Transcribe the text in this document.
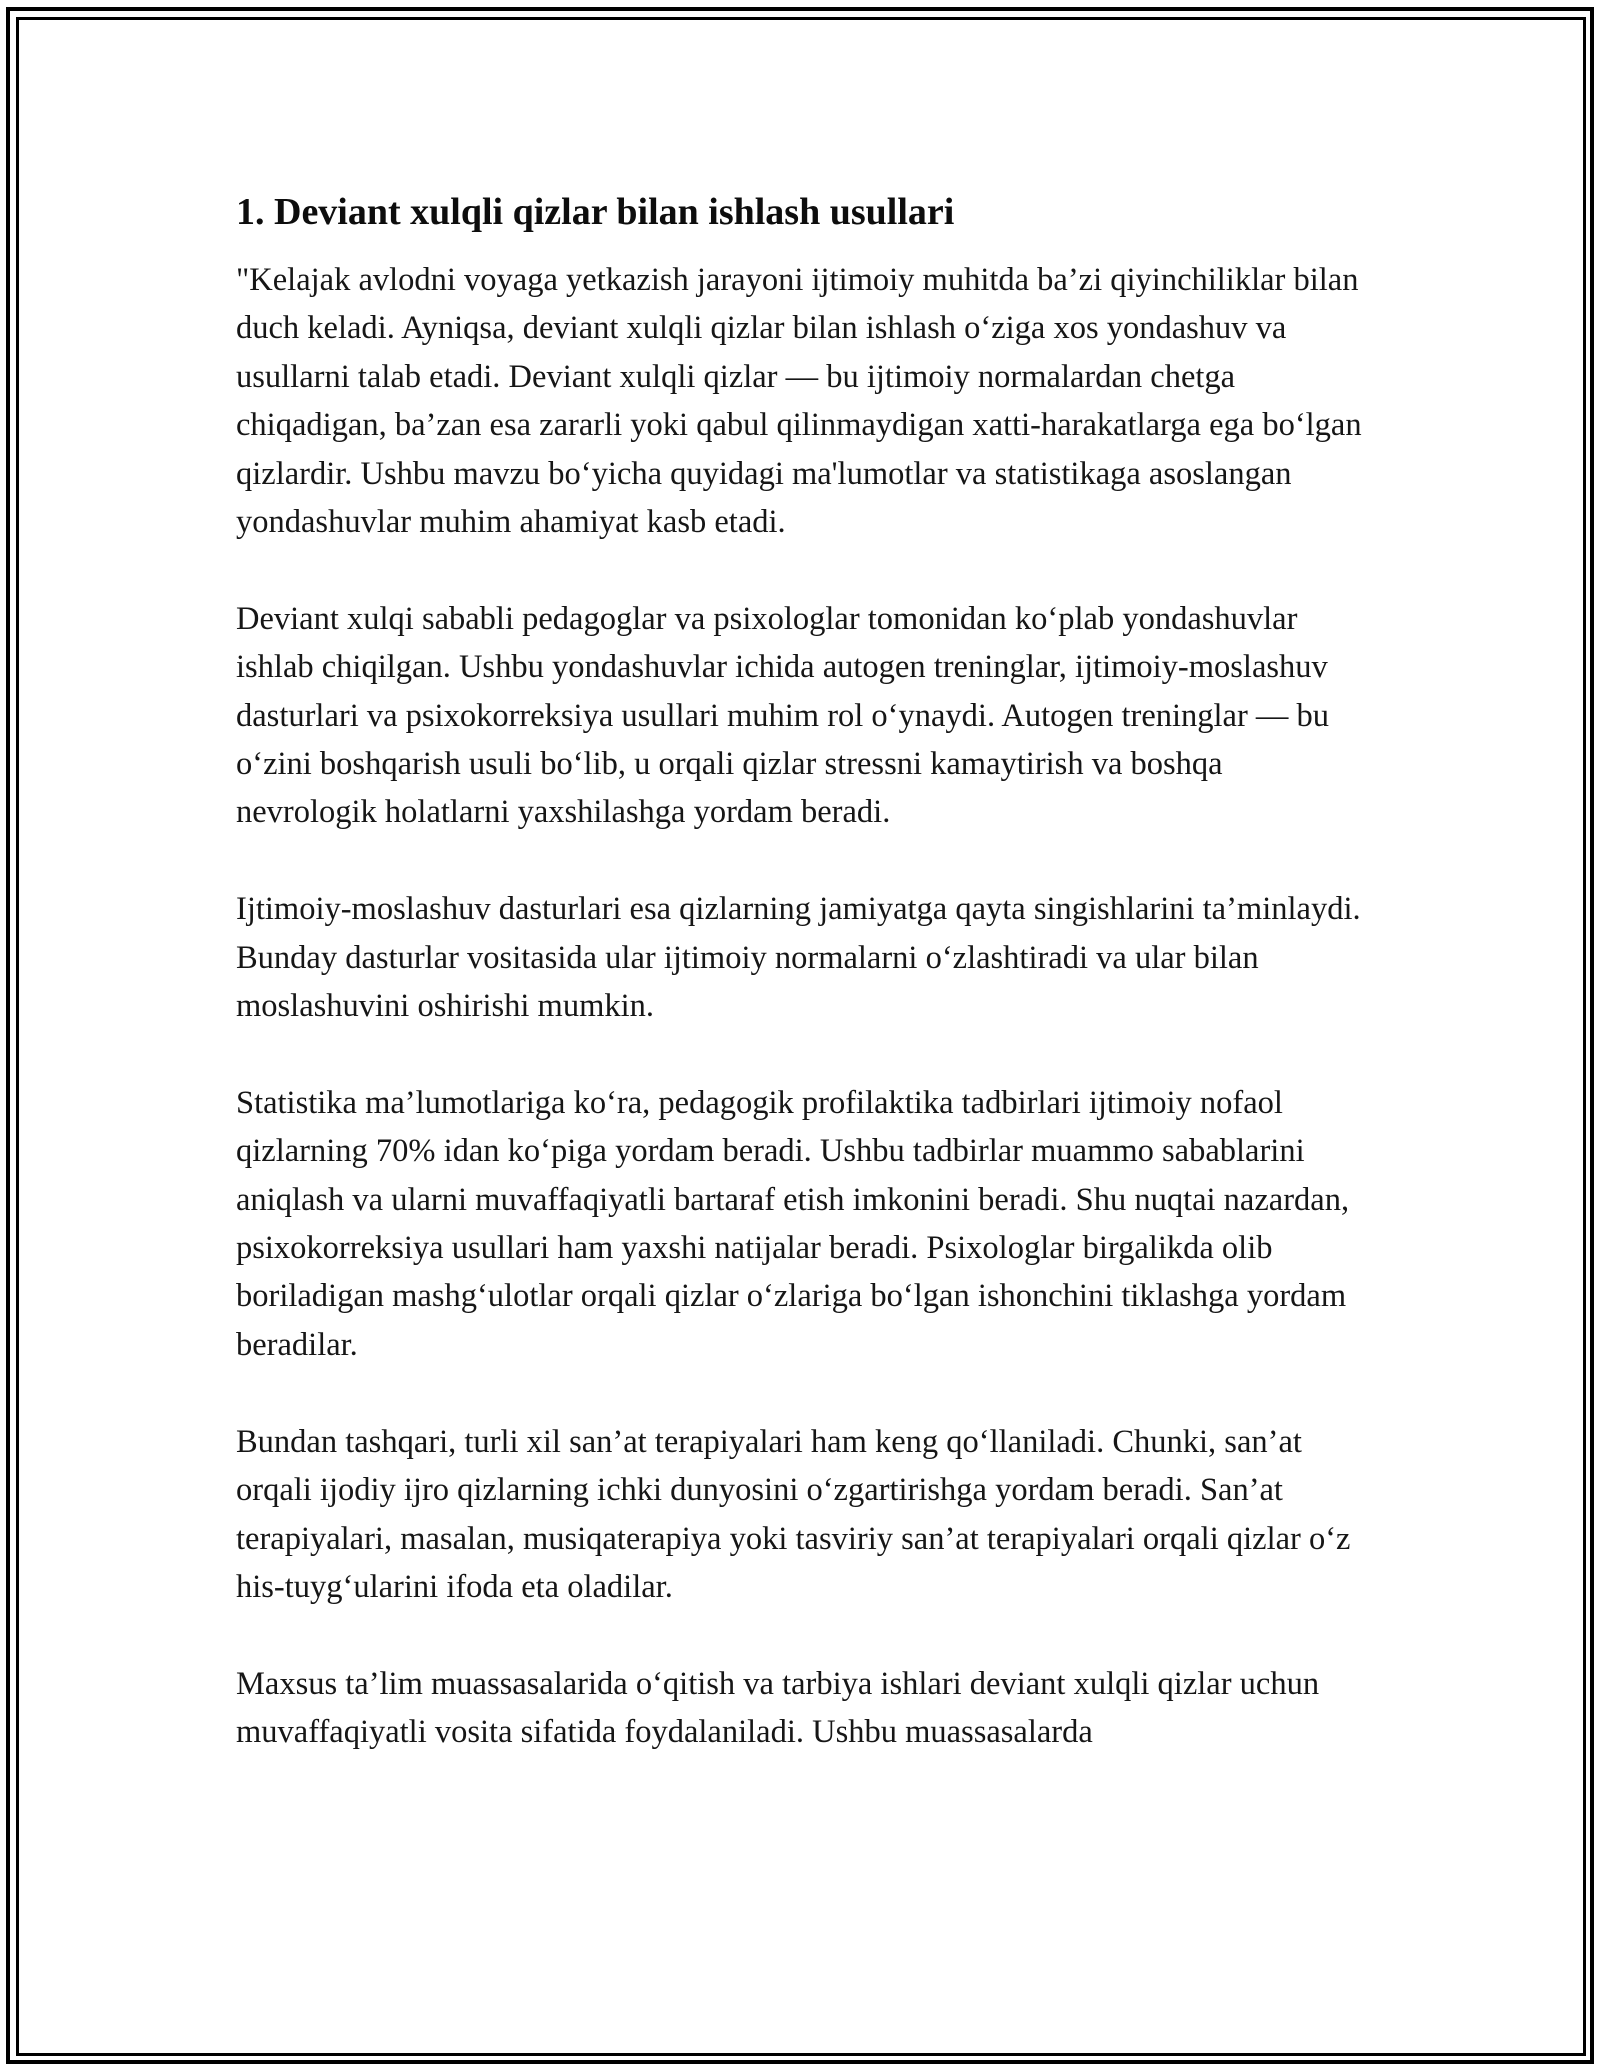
1. Deviant xulqli qizlar bilan ishlash usullari

"Kelajak avlodni voyaga yetkazish jarayoni ijtimoiy muhitda ba’zi qiyinchiliklar bilan duch keladi. Ayniqsa, deviant xulqli qizlar bilan ishlash o‘ziga xos yondashuv va usullarni talab etadi. Deviant xulqli qizlar — bu ijtimoiy normalardan chetga chiqadigan, ba’zan esa zararli yoki qabul qilinmaydigan xatti-harakatlarga ega bo‘lgan qizlardir. Ushbu mavzu bo‘yicha quyidagi ma'lumotlar va statistikaga asoslangan yondashuvlar muhim ahamiyat kasb etadi.

Deviant xulqi sababli pedagoglar va psixologlar tomonidan ko‘plab yondashuvlar ishlab chiqilgan. Ushbu yondashuvlar ichida autogen treninglar, ijtimoiy-moslashuv dasturlari va psixokorreksiya usullari muhim rol o‘ynaydi. Autogen treninglar — bu o‘zini boshqarish usuli bo‘lib, u orqali qizlar stressni kamaytirish va boshqa nevrologik holatlarni yaxshilashga yordam beradi.

Ijtimoiy-moslashuv dasturlari esa qizlarning jamiyatga qayta singishlarini ta’minlaydi. Bunday dasturlar vositasida ular ijtimoiy normalarni o‘zlashtiradi va ular bilan moslashuvini oshirishi mumkin.

Statistika ma’lumotlariga ko‘ra, pedagogik profilaktika tadbirlari ijtimoiy nofaol qizlarning 70% idan ko‘piga yordam beradi. Ushbu tadbirlar muammo sabablarini aniqlash va ularni muvaffaqiyatli bartaraf etish imkonini beradi. Shu nuqtai nazardan, psixokorreksiya usullari ham yaxshi natijalar beradi. Psixologlar birgalikda olib boriladigan mashg‘ulotlar orqali qizlar o‘zlariga bo‘lgan ishonchini tiklashga yordam beradilar.

Bundan tashqari, turli xil san’at terapiyalari ham keng qo‘llaniladi. Chunki, san’at orqali ijodiy ijro qizlarning ichki dunyosini o‘zgartirishga yordam beradi. San’at terapiyalari, masalan, musiqaterapiya yoki tasviriy san’at terapiyalari orqali qizlar o‘z his-tuyg‘ularini ifoda eta oladilar.

Maxsus ta’lim muassasalarida o‘qitish va tarbiya ishlari deviant xulqli qizlar uchun muvaffaqiyatli vosita sifatida foydalaniladi. Ushbu muassasalarda
